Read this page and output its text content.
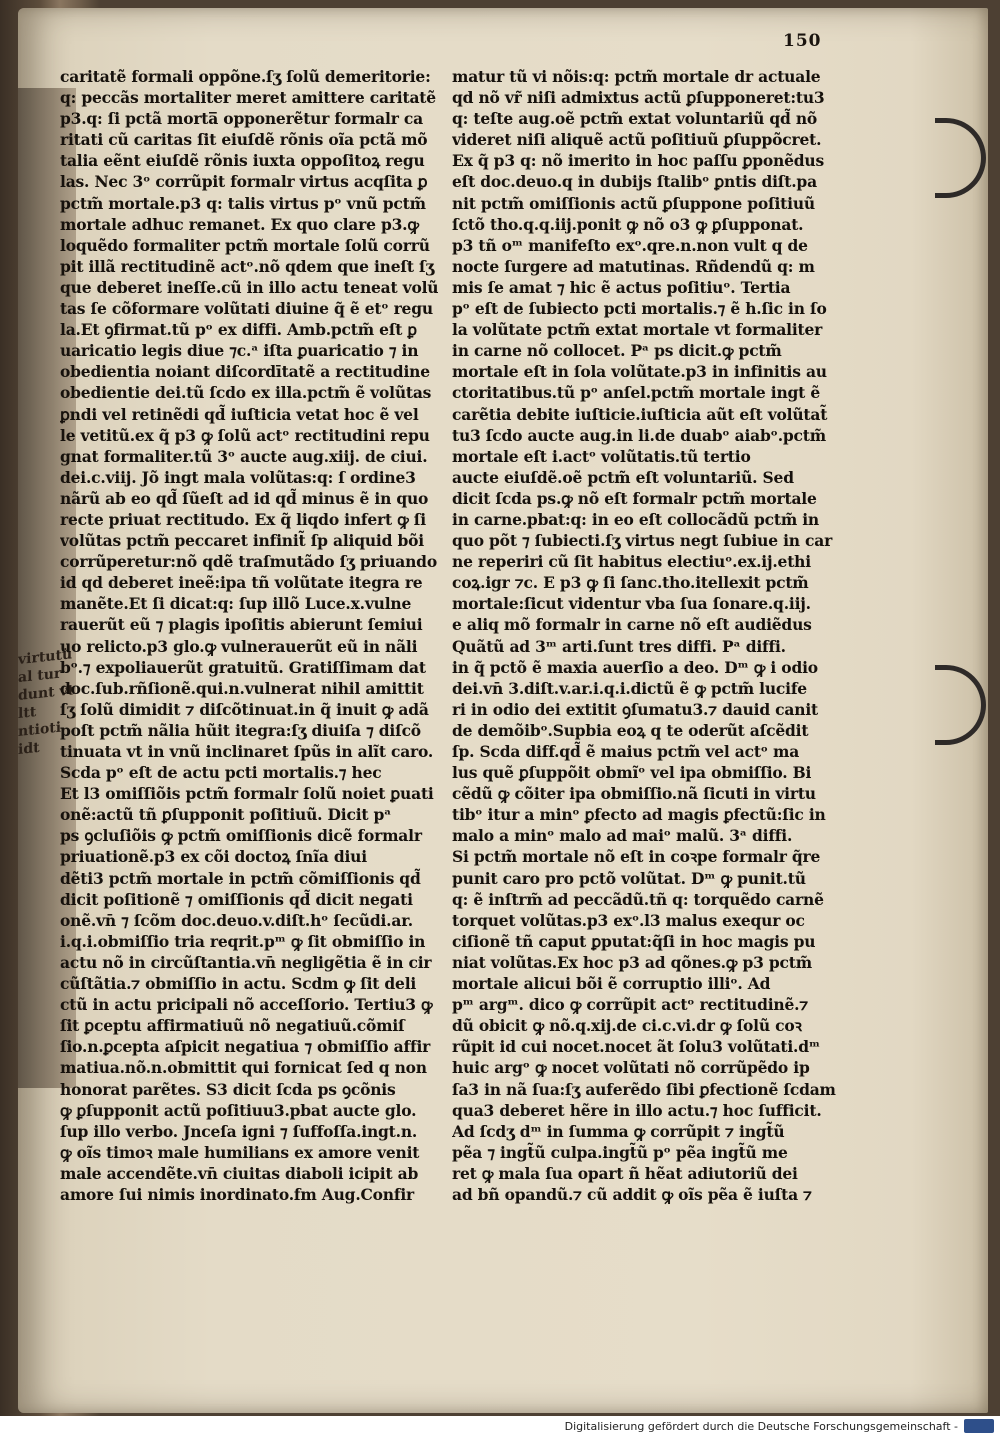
virtutü al tur dunt vt ltt ntioti idt
150
caritatẽ formali oppõne.ſʒ ſolũ demeritorie:
q: peccãs mortaliter meret amittere caritatẽ
p3.q: ſi pctã morta̅ opponerẽtur formalr ca
ritati cũ caritas ſit eiuſdẽ rõnis oĩa pctã mõ
talia eẽnt eiuſdẽ rõnis iuxta oppoſitoꝝ regu
las. Nec 3ᵒ corrũpit formalr virtus acqſita ꝑ
pctm̃ mortale.p3 q: talis virtus pᵒ vnũ pctm̃
mortale adhuc remanet. Ex quo clare p3.ꝙ
loquẽdo formaliter pctm̃ mortale ſolũ corrũ
pit illã rectitudinẽ actᵒ.nõ qdem que ineſt ſʒ
que deberet ineſſe.cũ in illo actu teneat volũ
tas ſe cõformare volũtati diuine q̃ ẽ etᵒ regu
la.Et ꝯfirmat.tũ pᵒ ex diffi. Amb.pctm̃ eſt ꝑ
uaricatio legis diue ⁊c.ᵃ iſta ꝑuaricatio ⁊ in
obedientia noiant diſcordītatẽ a rectitudine
obedientie dei.tũ ſcdo ex illa.pctm̃ ẽ volũtas
ꝑndi vel retinẽdi qd̃ iuſticia vetat hoc ẽ vel
le vetitũ.ex q̃ p3 ꝙ ſolũ actᵒ rectitudini repu
gnat formaliter.tũ 3ᵒ aucte aug.xiij. de ciui.
dei.c.viij. Jõ ingt mala volũtas:q: ſ ordine3
nãrũ ab eo qd̃ ſũeſt ad id qd̃ minus ẽ in quo
recte priuat rectitudo. Ex q̃ liqdo infert ꝙ ſi
volũtas pctm̃ peccaret infinit̃ ſp aliquid bõi
corrũperetur:nõ qdẽ traſmutãdo ſʒ priuando
id qd deberet ineẽ:ipa tñ volũtate itegra re
manẽte.Et ſi dicat:q: ſup illõ Luce.x.vulne
rauerũt eũ ⁊ plagis ipoſitis abierunt ſemiui
uo relicto.p3 glo.ꝙ vulnerauerũt eũ in nãli
bᵒ.⁊ expoliauerũt gratuitũ. Gratiſſimam dat
doc.ſub.rñſionẽ.qui.n.vulnerat nihil amittit
ſʒ ſolũ dimidit ⁊ diſcõtinuat.in q̃ inuit ꝙ adã
poſt pctm̃ nãlia hũit itegra:ſʒ diuiſa ⁊ diſcõ
tinuata vt in vnũ inclinaret ſpũs in alĩt caro.
Scda pᵒ eſt de actu pcti mortalis.⁊ hec
Et l3 omiſſiõis pctm̃ formalr ſolũ noiet ꝑuati
onẽ:actũ tñ ꝑſupponit poſitiuũ. Dicit pᵃ
ps ꝯcluſiõis ꝙ pctm̃ omiſſionis dicẽ formalr
priuationẽ.p3 ex cõi doctoꝝ ſnĩa diui
dẽti3 pctm̃ mortale in pctm̃ cõmiſſionis qd̃
dicit poſitionẽ ⁊ omiſſionis qd̃ dicit negati
onẽ.vn̄ ⁊ ſcõm doc.deuo.v.diſt.hᵒ ſecũdi.ar.
i.q.i.obmiſſio tria reqrit.pᵐ ꝙ ſit obmiſſio in
actu nõ in circũſtantia.vn̄ negligẽtia ẽ in cir
cũſtãtia.⁊ obmiſſio in actu. Scdm ꝙ ſit deli
ctũ in actu pricipali nõ acceſſorio. Tertiu3 ꝙ
ſit ꝑceptu affirmatiuũ nõ negatiuũ.cõmiſ
ſio.n.ꝑcepta aſpicit negatiua ⁊ obmiſſio affir
matiua.nõ.n.obmittit qui fornicat ſed q non
honorat parẽtes. S3 dicit ſcda ps ꝯcõnis
ꝙ ꝑſupponit actũ poſitiuu3.pbat aucte glo.
ſup illo verbo. Jnceſa igni ⁊ ſuffoſſa.ingt.n.
ꝙ oĩs timoꝛ male humilians ex amore venit
male accendẽte.vn̄ ciuitas diaboli icipit ab
amore ſui nimis inordinato.fm Aug.Confir
matur tũ vi nõis:q: pctm̃ mortale dr actuale
qd nõ vr̃ niſi admixtus actũ ꝑſupponeret:tu3
q: teſte aug.oẽ pctm̃ extat voluntariũ qd̃ nõ
videret niſi aliquẽ actũ poſitiuũ ꝑſuppõcret.
Ex q̃ p3 q: nõ imerito in hoc paſſu ꝑponẽdus
eſt doc.deuo.q in dubijs ſtalibᵒ ꝑntis diſt.pa
nit pctm̃ omiſſionis actũ ꝑſuppone poſitiuũ
ſctõ tho.q.q.iij.ponit ꝙ nõ o3 ꝙ ꝑſupponat.
p3 tñ oᵐ manifeſto exᵒ.qre.n.non vult q de
nocte ſurgere ad matutinas. Rñdendũ q: m
mis ſe amat ⁊ hic ẽ actus poſitiuᵒ. Tertia
pᵒ eſt de ſubiecto pcti mortalis.⁊ ẽ h.ſic in ſo
la volũtate pctm̃ extat mortale vt formaliter
in carne nõ collocet. Pᵃ ps dicit.ꝙ pctm̃
mortale eſt in ſola volũtate.p3 in infinitis au
ctoritatibus.tũ pᵒ anſel.pctm̃ mortale ingt ẽ
carẽtia debite iuſticie.iuſticia aũt eſt volũtat̃
tu3 ſcdo aucte aug.in li.de duabᵒ aiabᵒ.pctm̃
mortale eſt i.actᵒ volũtatis.tũ tertio
aucte eiuſdẽ.oẽ pctm̃ eſt voluntariũ. Sed
dicit ſcda ps.ꝙ nõ eſt formalr pctm̃ mortale
in carne.pbat:q: in eo eſt collocãdũ pctm̃ in
quo põt ⁊ ſubiecti.ſʒ virtus negt ſubiue in car
ne reperiri cũ ſit habitus electiuᵒ.ex.ij.ethi
coꝝ.igr ⁊c. E p3 ꝙ ſi ſanc.tho.itellexit pctm̃
mortale:ſicut videntur vba ſua ſonare.q.iij.
e aliq mõ formalr in carne nõ eſt audiẽdus
Quãtũ ad 3ᵐ arti.ſunt tres diffi. Pᵃ diffi.
in q̃ pctõ ẽ maxia auerſio a deo. Dᵐ ꝙ i odio
dei.vn̄ 3.diſt.v.ar.i.q.i.dictũ ẽ ꝙ pctm̃ lucife
ri in odio dei extitit ꝯſumatu3.⁊ dauid canit
de demõibᵒ.Supbia eoꝝ q te oderũt aſcẽdit
ſp. Scda diff.qd̃ ẽ maius pctm̃ vel actᵒ ma
lus quẽ ꝑſuppõit obmĩᵒ vel ipa obmiſſio. Bi
cẽdũ ꝙ cõiter ipa obmiſſio.nã ſicuti in virtu
tibᵒ itur a minᵒ ꝑfecto ad magis ꝑfectũ:ſic in
malo a minᵒ malo ad maiᵒ malũ. 3ᵃ diffi.
Si pctm̃ mortale nõ eſt in coꝛpe formalr q̃re
punit caro pro pctõ volũtat. Dᵐ ꝙ punit.tũ
q: ẽ inſtrm̃ ad peccãdũ.tñ q: torquẽdo carnẽ
torquet volũtas.p3 exᵒ.l3 malus exequr oc
ciſionẽ tñ caput ꝑputat:q̃ſi in hoc magis pu
niat volũtas.Ex hoc p3 ad qõnes.ꝙ p3 pctm̃
mortale alicui bõi ẽ corruptio illiᵒ. Ad
pᵐ argᵐ. dico ꝙ corrũpit actᵒ rectitudinẽ.⁊
dũ obicit ꝙ nõ.q.xij.de ci.c.vi.dr ꝙ ſolũ coꝛ
rũpit id cui nocet.nocet ãt ſolu3 volũtati.dᵐ
huic argᵒ ꝙ nocet volũtati nõ corrũpẽdo ip
ſa3 in nã ſua:ſʒ auferẽdo ſibi ꝑfectionẽ ſcdam
qua3 deberet hẽre in illo actu.⁊ hoc ſufficit.
Ad ſcdʒ dᵐ in ſumma ꝙ corrũpit ⁊ ingt̃ũ
pẽa ⁊ ingt̃ũ culpa.ingt̃ũ pᵒ pẽa ingt̃ũ me
ret ꝙ mala ſua opart ñ hẽat adiutoriũ dei
ad bñ opandũ.⁊ cũ addit ꝙ oĩs pẽa ẽ iuſta ⁊
Digitalisierung gefördert durch die Deutsche Forschungsgemeinschaft -
